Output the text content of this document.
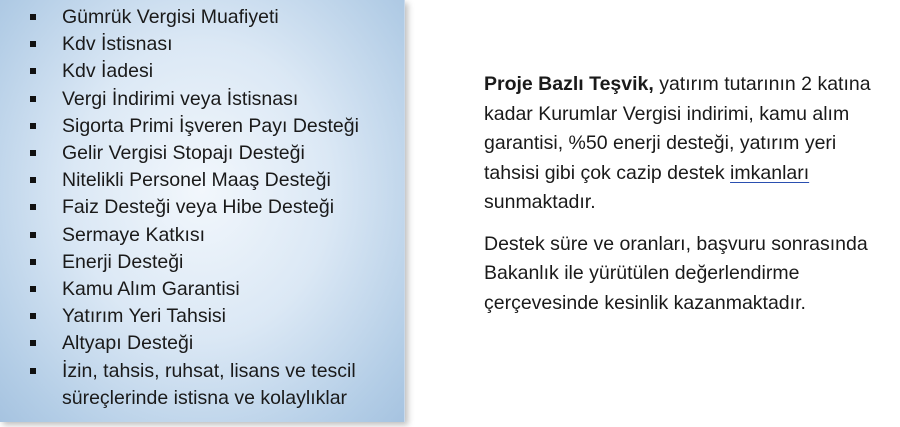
Gümrük Vergisi Muafiyeti
Kdv İstisnası
Kdv İadesi
Vergi İndirimi veya İstisnası
Sigorta Primi İşveren Payı Desteği
Gelir Vergisi Stopajı Desteği
Nitelikli Personel Maaş Desteği
Faiz Desteği veya Hibe Desteği
Sermaye Katkısı
Enerji Desteği
Kamu Alım Garantisi
Yatırım Yeri Tahsisi
Altyapı Desteği
İzin, tahsis, ruhsat, lisans ve tescil süreçlerinde istisna ve kolaylıklar

Proje Bazlı Teşvik, yatırım tutarının 2 katına kadar Kurumlar Vergisi indirimi, kamu alım garantisi, %50 enerji desteği, yatırım yeri tahsisi gibi çok cazip destek imkanları sunmaktadır.

Destek süre ve oranları, başvuru sonrasında Bakanlık ile yürütülen değerlendirme çerçevesinde kesinlik kazanmaktadır.
